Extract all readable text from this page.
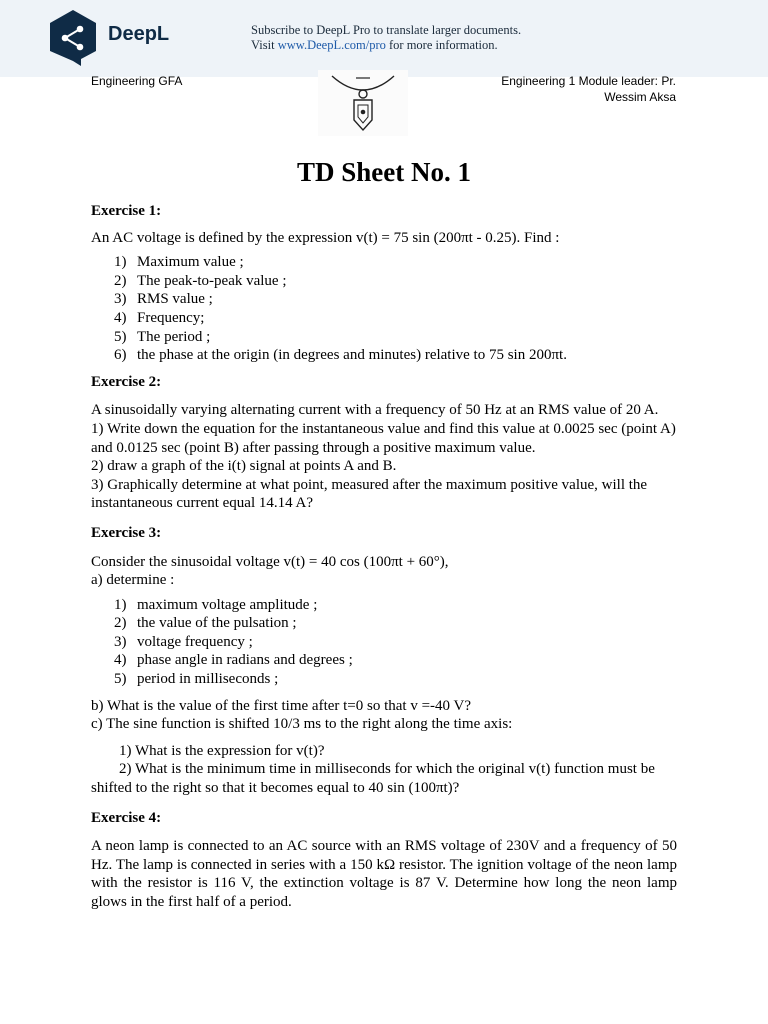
DeepL	Subscribe to DeepL Pro to translate larger documents.
Visit www.DeepL.com/pro for more information.
Engineering GFA	Engineering 1 Module leader: Pr.
Wessim Aksa
TD Sheet No. 1

Exercise 1:

An AC voltage is defined by the expression v(t) = 75 sin (200πt - 0.25). Find :

1) Maximum value ;
2) The peak-to-peak value ;
3) RMS value ;
4) Frequency;
5) The period ;
6) the phase at the origin (in degrees and minutes) relative to 75 sin 200πt.

Exercise 2:

A sinusoidally varying alternating current with a frequency of 50 Hz at an RMS value of 20 A.

1) Write down the equation for the instantaneous value and find this value at 0.0025 sec (point A) and 0.0125 sec (point B) after passing through a positive maximum value.

2) draw a graph of the i(t) signal at points A and B.

3) Graphically determine at what point, measured after the maximum positive value, will the instantaneous current equal 14.14 A?

Exercise 3:

Consider the sinusoidal voltage v(t) = 40 cos (100πt + 60°),

a) determine :

1) maximum voltage amplitude ;
2) the value of the pulsation ;
3) voltage frequency ;
4) phase angle in radians and degrees ;
5) period in milliseconds ;

b) What is the value of the first time after t=0 so that v =-40 V?

c) The sine function is shifted 10/3 ms to the right along the time axis:

1) What is the expression for v(t)?

2) What is the minimum time in milliseconds for which the original v(t) function must be shifted to the right so that it becomes equal to 40 sin (100πt)?

Exercise 4:

A neon lamp is connected to an AC source with an RMS voltage of 230V and a frequency of 50 Hz. The lamp is connected in series with a 150 kΩ resistor. The ignition voltage of the neon lamp with the resistor is 116 V, the extinction voltage is 87 V. Determine how long the neon lamp glows in the first half of a period.
